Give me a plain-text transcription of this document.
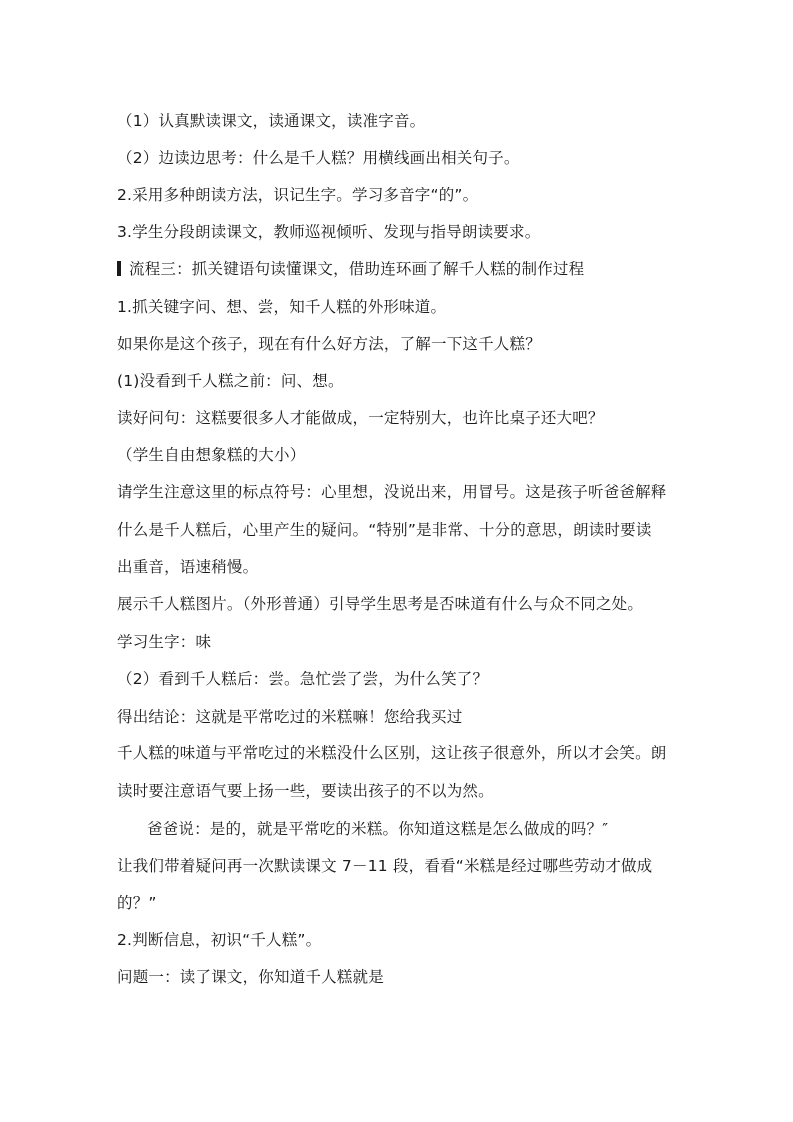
（1）认真默读课文，读通课文，读准字音。
（2）边读边思考：什么是千人糕？用横线画出相关句子。
2.采用多种朗读方法，识记生字。学习多音字“的”。
3.学生分段朗读课文，教师巡视倾听、发现与指导朗读要求。
流程三：抓关键语句读懂课文，借助连环画了解千人糕的制作过程
1.抓关键字问、想、尝，知千人糕的外形味道。
如果你是这个孩子，现在有什么好方法，了解一下这千人糕？
(1)没看到千人糕之前：问、想。
读好问句：这糕要很多人才能做成，一定特别大，也许比桌子还大吧？
（学生自由想象糕的大小）
请学生注意这里的标点符号：心里想，没说出来，用冒号。这是孩子听爸爸解释
什么是千人糕后，心里产生的疑问。“特别”是非常、十分的意思，朗读时要读
出重音，语速稍慢。
展示千人糕图片。（外形普通）引导学生思考是否味道有什么与众不同之处。
学习生字：味
（2）看到千人糕后：尝。急忙尝了尝，为什么笑了？
得出结论：这就是平常吃过的米糕嘛！您给我买过
千人糕的味道与平常吃过的米糕没什么区别，这让孩子很意外，所以才会笑。朗
读时要注意语气要上扬一些，要读出孩子的不以为然。
爸爸说：是的，就是平常吃的米糕。你知道这糕是怎么做成的吗？″
让我们带着疑问再一次默读课文 7－11 段，看看“米糕是经过哪些劳动才做成
的？”
2.判断信息，初识“千人糕”。
问题一：读了课文，你知道千人糕就是
